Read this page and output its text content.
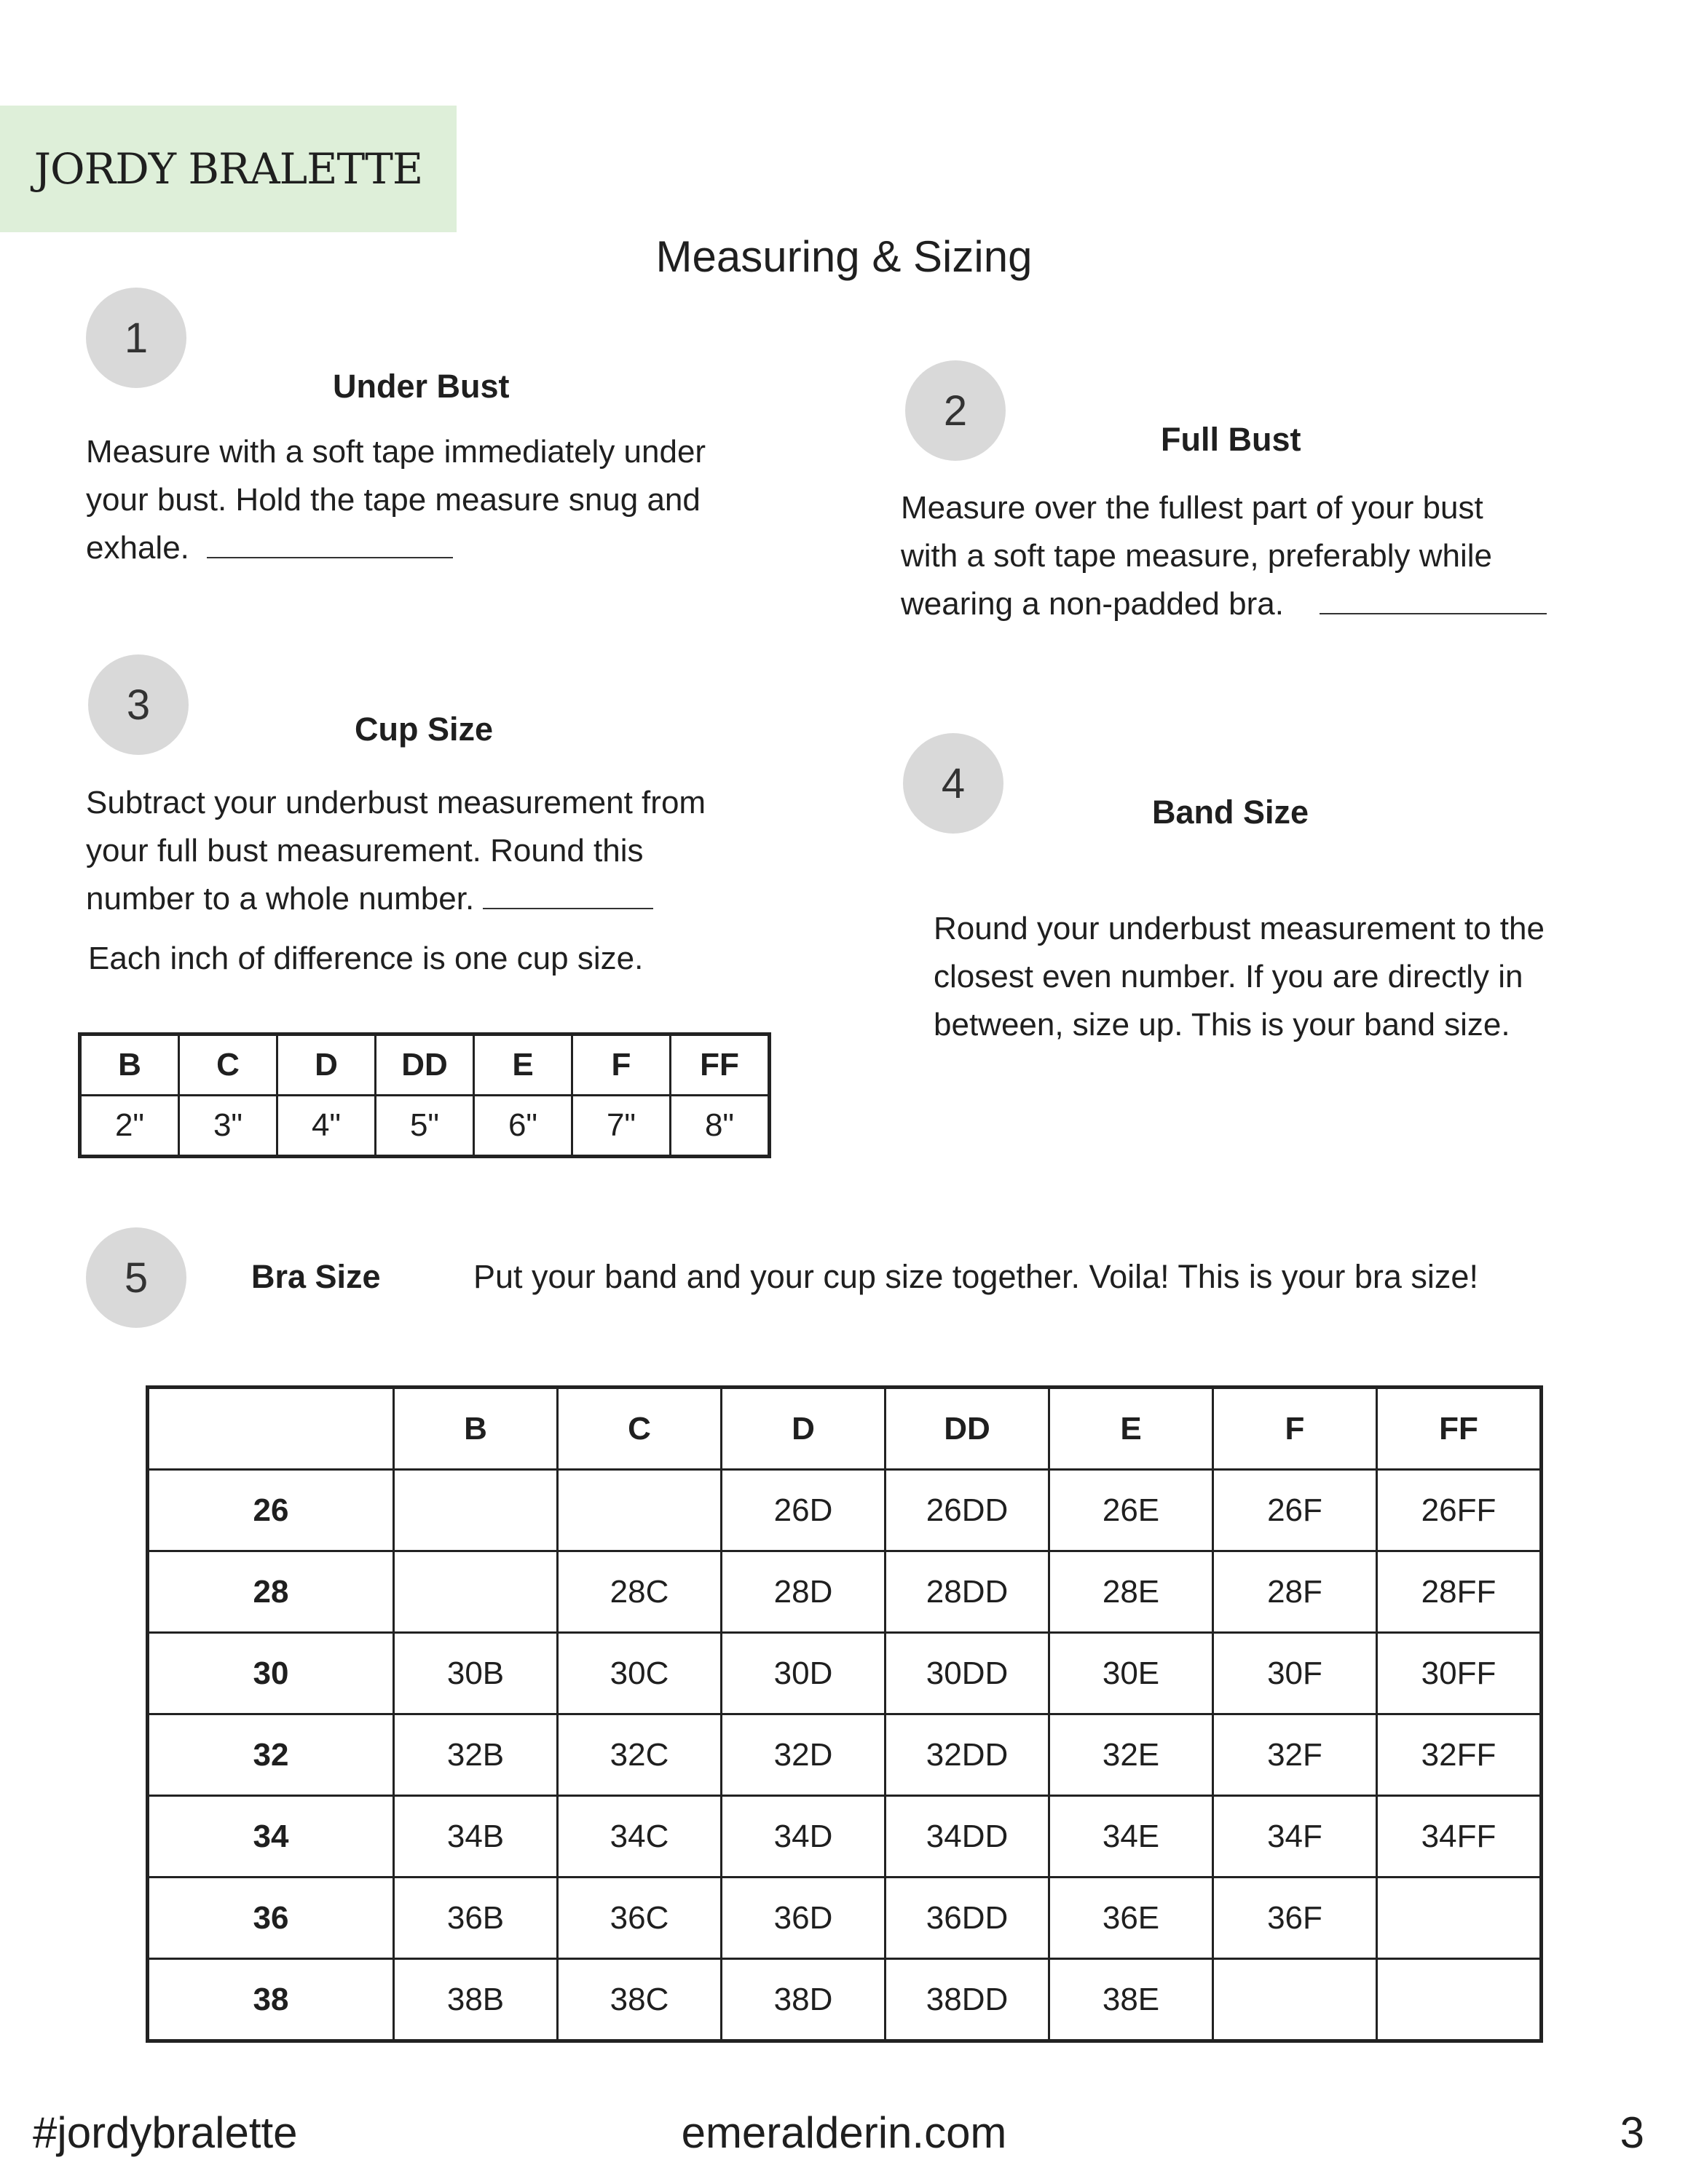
JORDY BRALETTE
Measuring & Sizing
1
Under Bust
Measure with a soft tape immediately under
your bust. Hold the tape measure snug and
exhale.
2
Full Bust
Measure over the fullest part of your bust
with a soft tape measure, preferably while
wearing a non-padded bra.
3
Cup Size
Subtract your underbust measurement from
your full bust measurement. Round this
number to a whole number.
Each inch of difference is one cup size.
B	C	D	DD	E	F	FF
2"	3"	4"	5"	6"	7"	8"
4
Band Size
Round your underbust measurement to the
closest even number. If you are directly in
between, size up. This is your band size.
5	Bra Size	Put your band and your cup size together. Voila! This is your bra size!
	B	C	D	DD	E	F	FF
26			26D	26DD	26E	26F	26FF
28		28C	28D	28DD	28E	28F	28FF
30	30B	30C	30D	30DD	30E	30F	30FF
32	32B	32C	32D	32DD	32E	32F	32FF
34	34B	34C	34D	34DD	34E	34F	34FF
36	36B	36C	36D	36DD	36E	36F	
38	38B	38C	38D	38DD	38E		
#jordybralette	emeralderin.com	3
